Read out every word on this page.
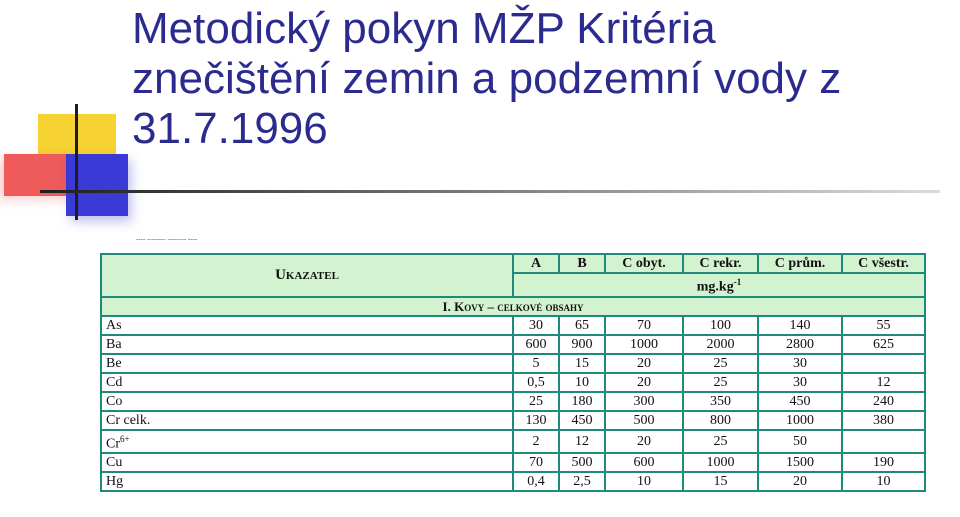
Metodický pokyn MŽP Kritéria
znečištění zemin a podzemní vody z
31.7.1996
---- -------- -------- ----
Ukazatel	A	B	C obyt.	C rekr.	C prům.	C všestr.
	$mg.kg^{-1}$
I. Kovy – celkové obsahy						
As	30	65	70	100	140	55
Ba	600	900	1000	2000	2800	625
Be	5	15	20	25	30	
Cd	0,5	10	20	25	30	12
Co	25	180	300	350	450	240
Cr celk.	130	450	500	800	1000	380
$Cr^{6+}$	2	12	20	25	50	
Cu	70	500	600	1000	1500	190
Hg	0,4	2,5	10	15	20	10
